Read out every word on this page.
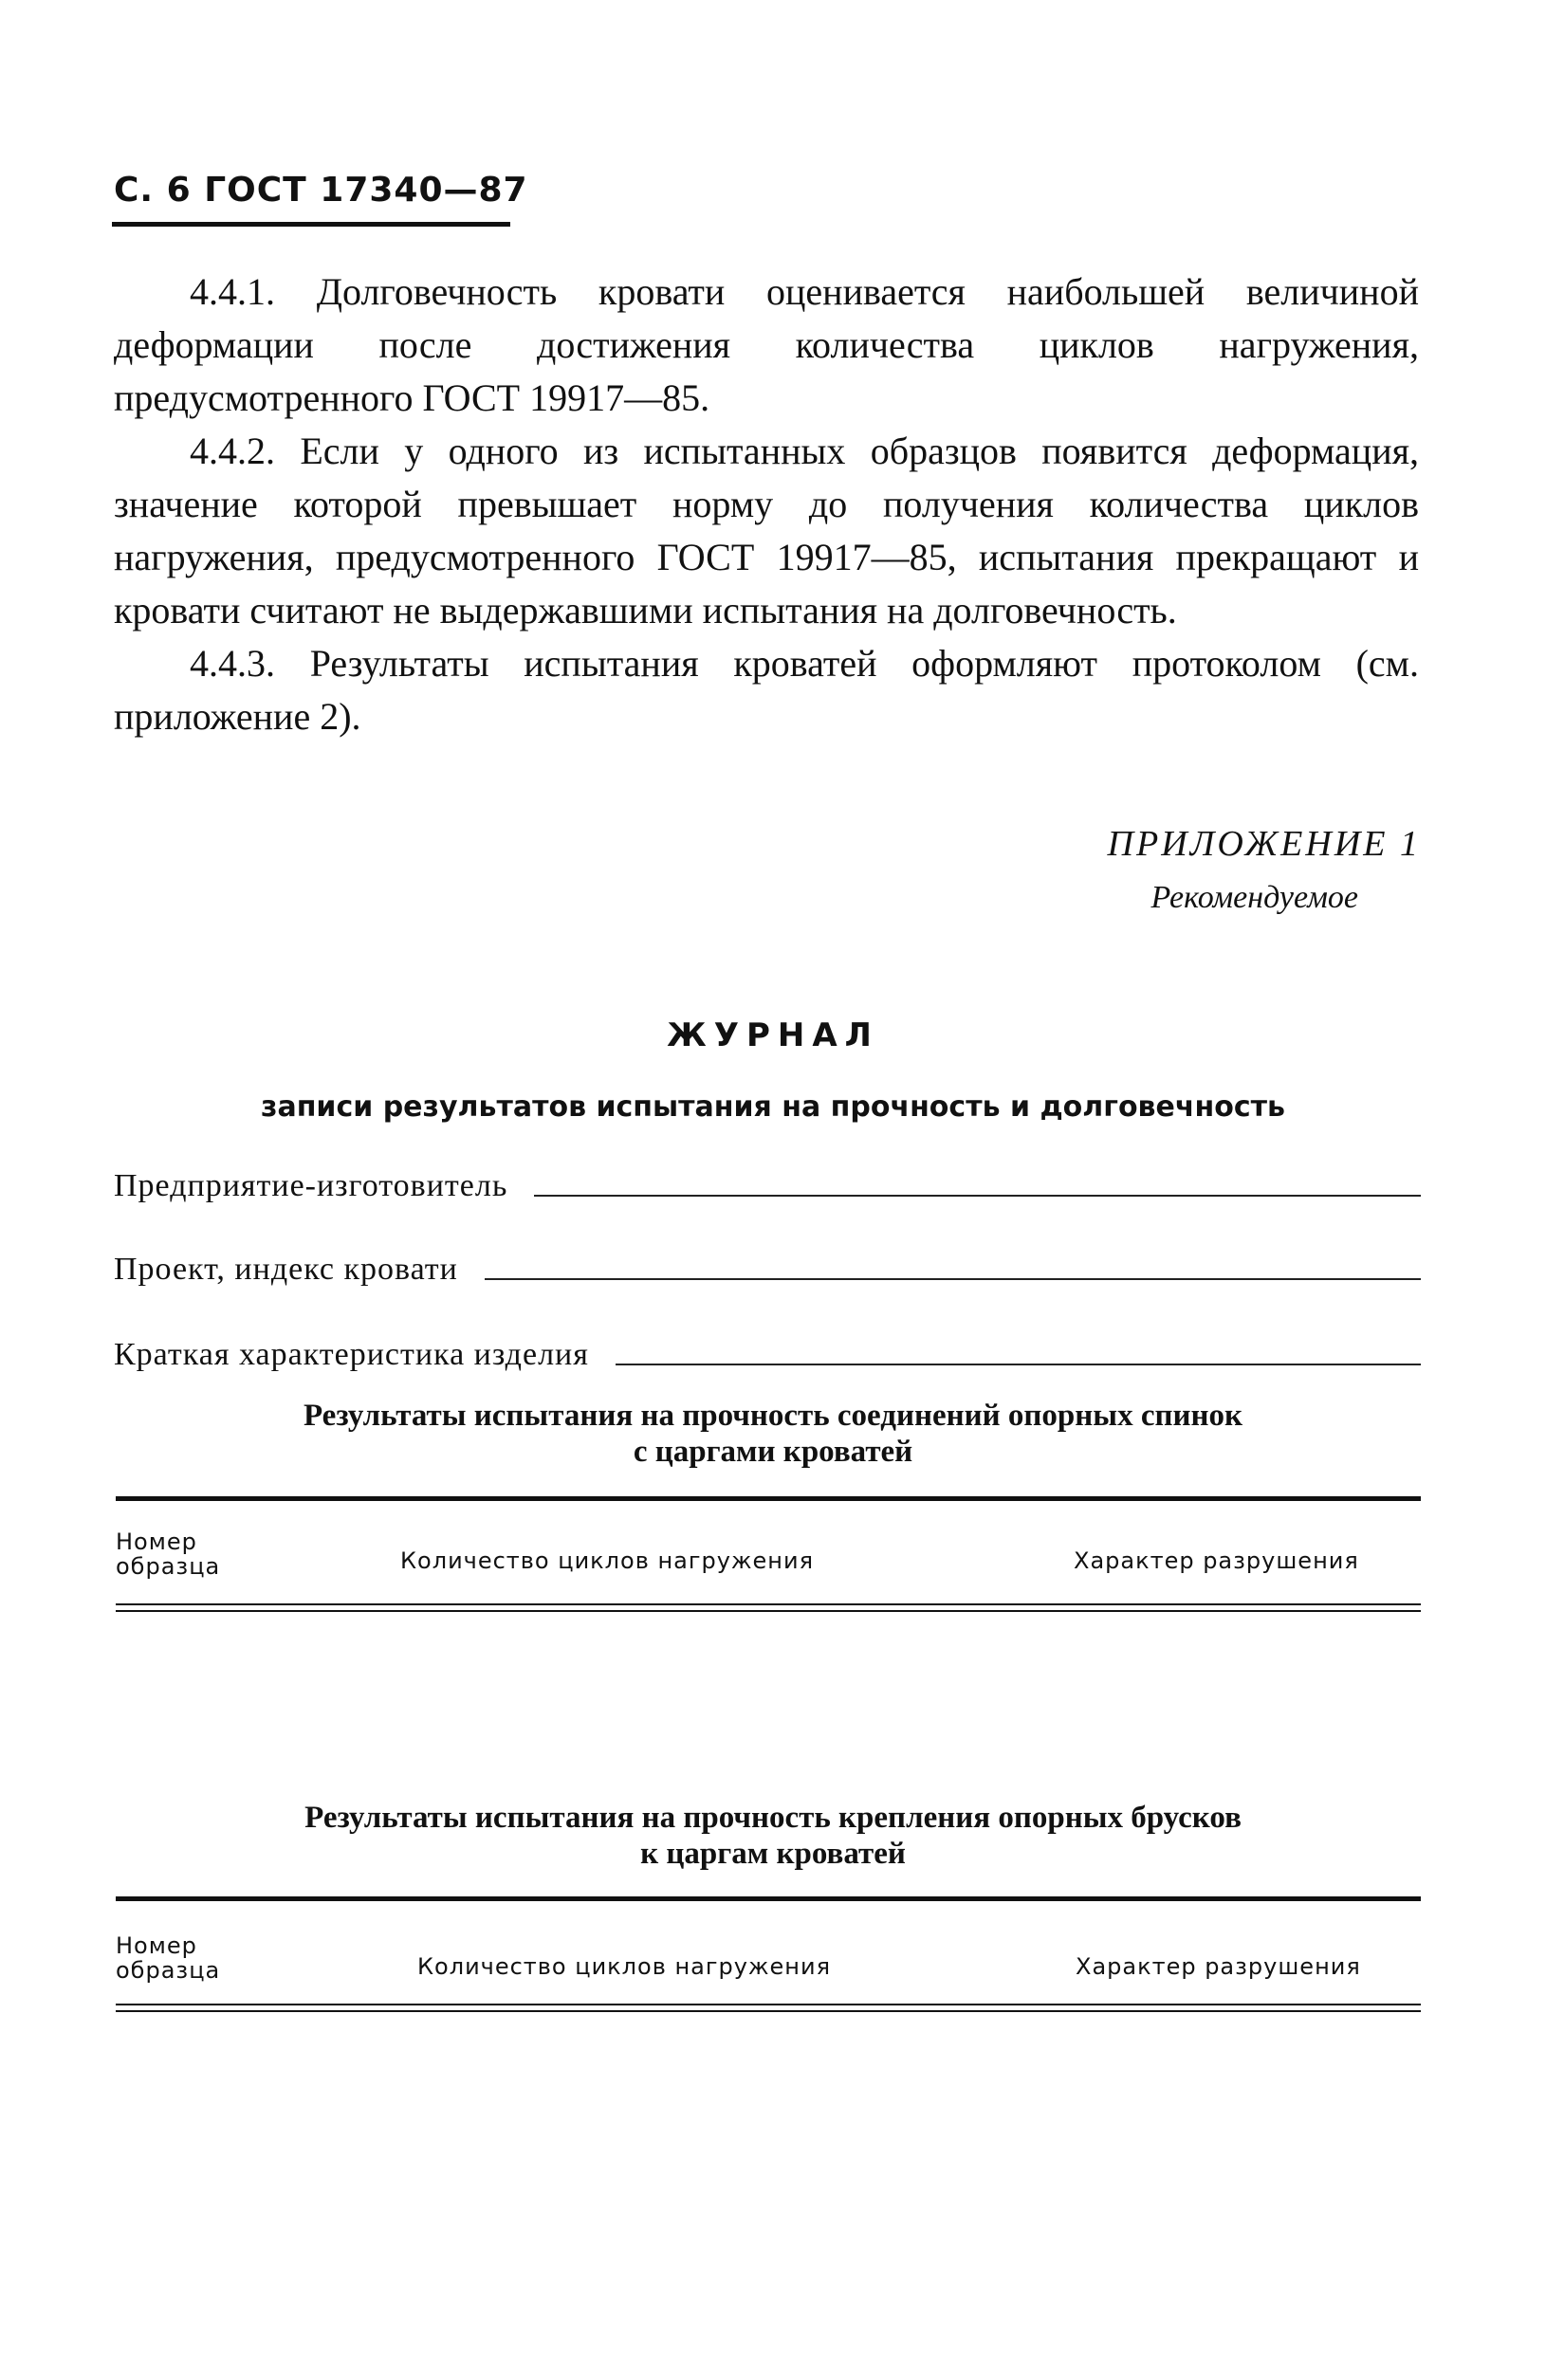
С. 6 ГОСТ 17340—87

4.4.1. Долговечность кровати оценивается наибольшей величиной деформации после достижения количества циклов нагружения, предусмотренного ГОСТ 19917—85.

4.4.2. Если у одного из испытанных образцов появится деформация, значение которой превышает норму до получения количества циклов нагружения, предусмотренного ГОСТ 19917—85, испытания прекращают и кровати считают не выдержавшими испытания на долговечность.

4.4.3. Результаты испытания кроватей оформляют протоколом (см. приложение 2).

ПРИЛОЖЕНИЕ 1
Рекомендуемое
ЖУРНАЛ
записи результатов испытания на прочность и долговечность
Предприятие-изготовитель
Проект, индекс кровати
Краткая характеристика изделия
Результаты испытания на прочность соединений опорных спинок
с царгами кроватей
Номер образца	Количество циклов нагружения	Характер разрушения
Результаты испытания на прочность крепления опорных брусков
к царгам кроватей
Номер образца	Количество циклов нагружения	Характер разрушения
